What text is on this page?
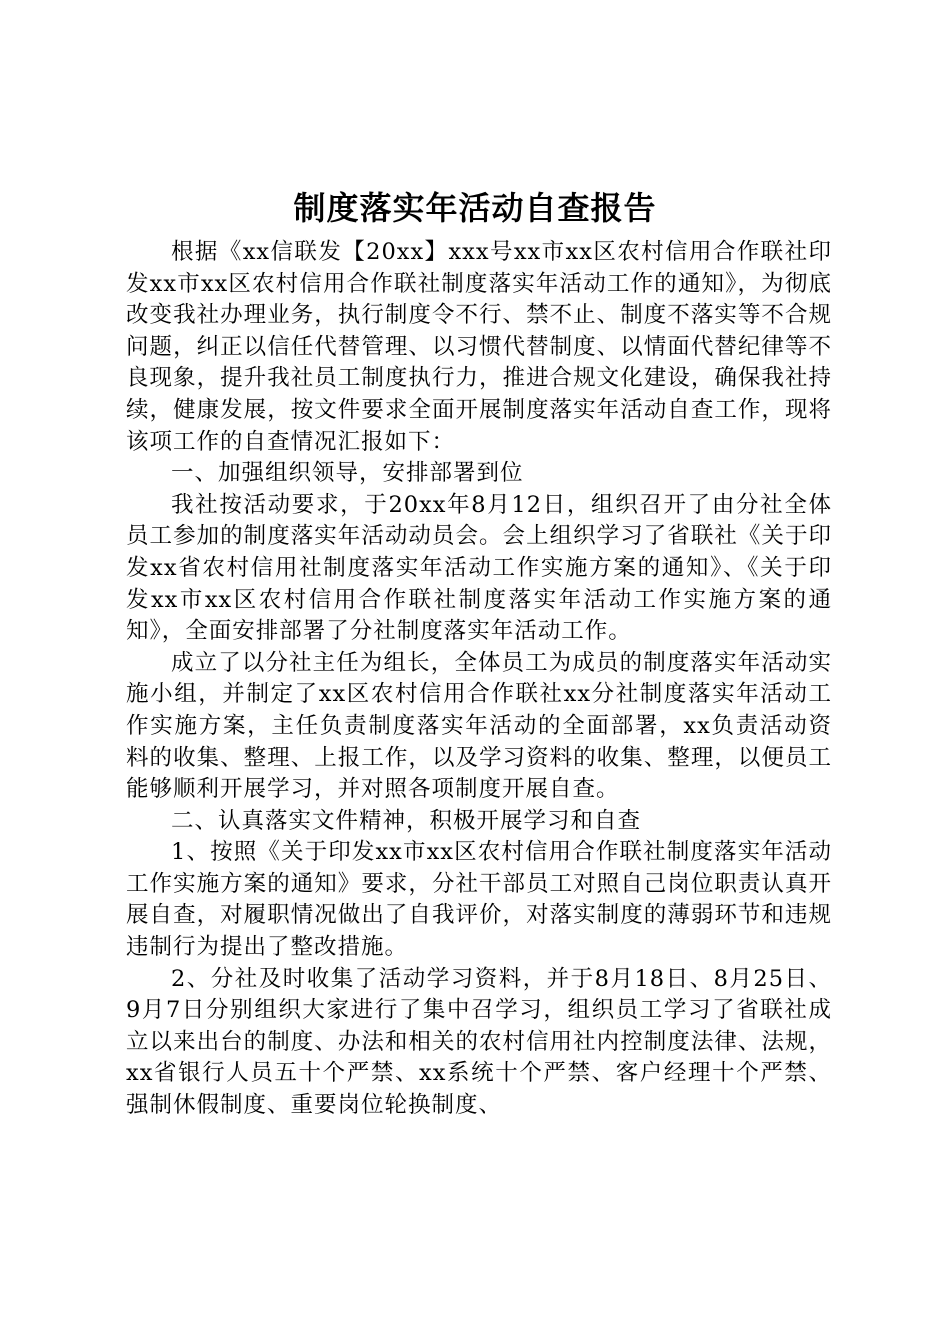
制度落实年活动自查报告

根据《xx信联发【20xx】xxx号xx市xx区农村信用合作联社印发xx市xx区农村信用合作联社制度落实年活动工作的通知》，为彻底改变我社办理业务，执行制度令不行、禁不止、制度不落实等不合规问题，纠正以信任代替管理、以习惯代替制度、以情面代替纪律等不良现象，提升我社员工制度执行力，推进合规文化建设，确保我社持续，健康发展，按文件要求全面开展制度落实年活动自查工作，现将该项工作的自查情况汇报如下：

一、加强组织领导，安排部署到位

我社按活动要求，于20xx年8月12日，组织召开了由分社全体员工参加的制度落实年活动动员会。会上组织学习了省联社《关于印发xx省农村信用社制度落实年活动工作实施方案的通知》、《关于印发xx市xx区农村信用合作联社制度落实年活动工作实施方案的通知》，全面安排部署了分社制度落实年活动工作。

成立了以分社主任为组长，全体员工为成员的制度落实年活动实施小组，并制定了xx区农村信用合作联社xx分社制度落实年活动工作实施方案，主任负责制度落实年活动的全面部署，xx负责活动资料的收集、整理、上报工作，以及学习资料的收集、整理，以便员工能够顺利开展学习，并对照各项制度开展自查。

二、认真落实文件精神，积极开展学习和自查

1、按照《关于印发xx市xx区农村信用合作联社制度落实年活动工作实施方案的通知》要求，分社干部员工对照自己岗位职责认真开展自查，对履职情况做出了自我评价，对落实制度的薄弱环节和违规违制行为提出了整改措施。

2、分社及时收集了活动学习资料，并于8月18日、8月25日、9月7日分别组织大家进行了集中召学习，组织员工学习了省联社成立以来出台的制度、办法和相关的农村信用社内控制度法律、法规，xx省银行人员五十个严禁、xx系统十个严禁、客户经理十个严禁、强制休假制度、重要岗位轮换制度、
